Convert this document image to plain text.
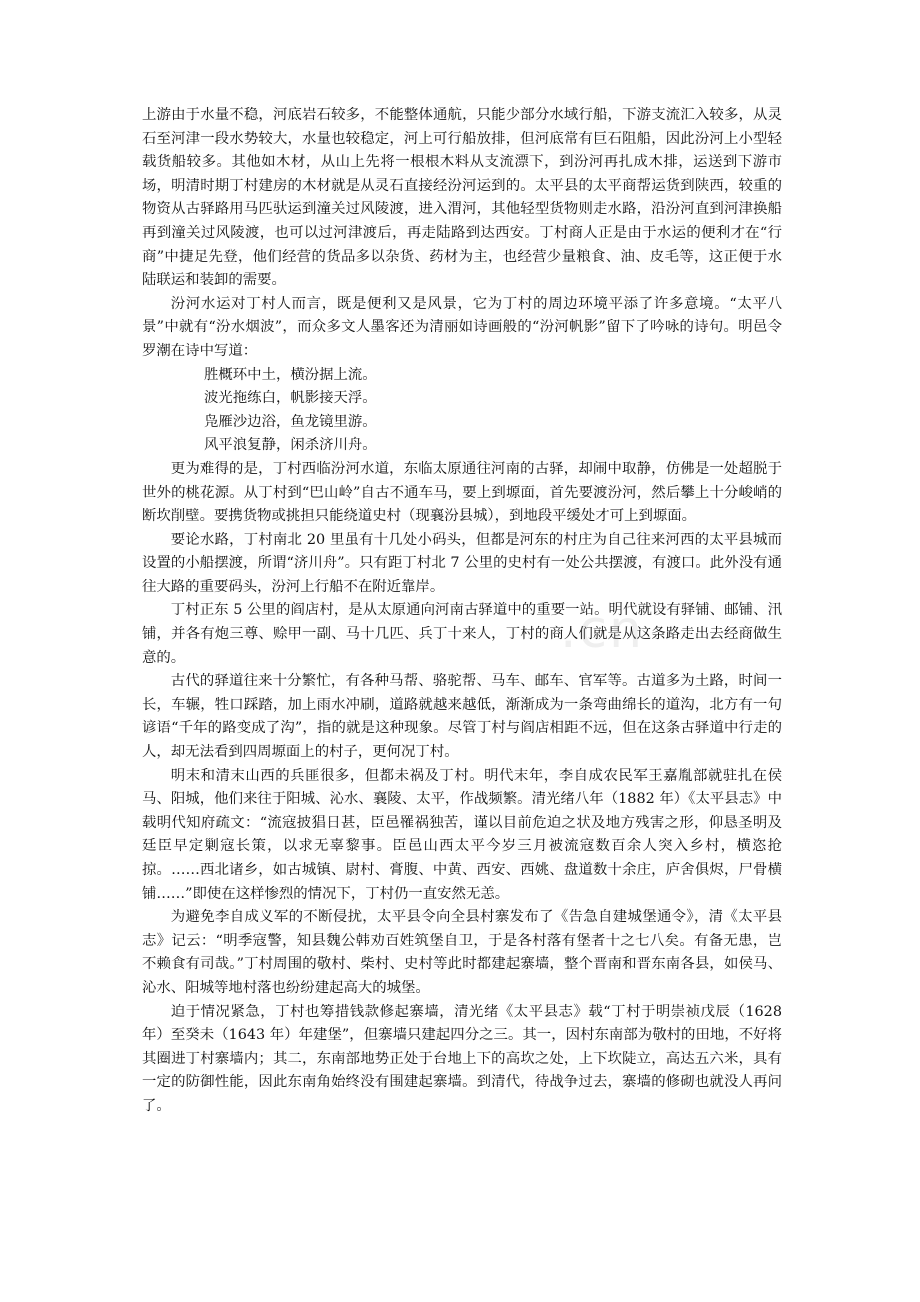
上游由于水量不稳，河底岩石较多，不能整体通航，只能少部分水域行船，下游支流汇入较多，从灵石至河津一段水势较大，水量也较稳定，河上可行船放排，但河底常有巨石阻船，因此汾河上小型轻载货船较多。其他如木材，从山上先将一根根木料从支流漂下，到汾河再扎成木排，运送到下游市场，明清时期丁村建房的木材就是从灵石直接经汾河运到的。太平县的太平商帮运货到陕西，较重的物资从古驿路用马匹驮运到潼关过风陵渡，进入渭河，其他轻型货物则走水路，沿汾河直到河津换船再到潼关过风陵渡，也可以过河津渡后，再走陆路到达西安。丁村商人正是由于水运的便利才在“行商”中捷足先登，他们经营的货品多以杂货、药材为主，也经营少量粮食、油、皮毛等，这正便于水陆联运和装卸的需要。

汾河水运对丁村人而言，既是便利又是风景，它为丁村的周边环境平添了许多意境。“太平八景”中就有“汾水烟波”，而众多文人墨客还为清丽如诗画般的“汾河帆影”留下了吟咏的诗句。明邑令罗潮在诗中写道：

胜概环中土，横汾据上流。

波光拖练白，帆影接天浮。

凫雁沙边浴，鱼龙镜里游。

风平浪复静，闲杀济川舟。

更为难得的是，丁村西临汾河水道，东临太原通往河南的古驿，却闹中取静，仿佛是一处超脱于世外的桃花源。从丁村到“巴山岭”自古不通车马，要上到塬面，首先要渡汾河，然后攀上十分峻峭的断坎削壁。要携货物或挑担只能绕道史村（现襄汾县城），到地段平缓处才可上到塬面。

要论水路，丁村南北 20 里虽有十几处小码头，但都是河东的村庄为自己往来河西的太平县城而设置的小船摆渡，所谓“济川舟”。只有距丁村北 7 公里的史村有一处公共摆渡，有渡口。此外没有通往大路的重要码头，汾河上行船不在附近靠岸。

丁村正东 5 公里的阎店村，是从太原通向河南古驿道中的重要一站。明代就设有驿铺、邮铺、汛铺，并各有炮三尊、赊甲一副、马十几匹、兵丁十来人，丁村的商人们就是从这条路走出去经商做生意的。

古代的驿道往来十分繁忙，有各种马帮、骆驼帮、马车、邮车、官军等。古道多为土路，时间一长，车辗，牲口踩踏，加上雨水冲刷，道路就越来越低，渐渐成为一条弯曲绵长的道沟，北方有一句谚语“千年的路变成了沟”，指的就是这种现象。尽管丁村与阎店相距不远，但在这条古驿道中行走的人，却无法看到四周塬面上的村子，更何况丁村。

明末和清末山西的兵匪很多，但都未祸及丁村。明代末年，李自成农民军王嘉胤部就驻扎在侯马、阳城，他们来往于阳城、沁水、襄陵、太平，作战频繁。清光绪八年（1882 年）《太平县志》中载明代知府疏文：“流寇披猖日甚，臣邑罹祸独苦，谨以目前危迫之状及地方残害之形，仰恳圣明及廷臣早定剿寇长策，以求无辜黎事。臣邑山西太平今岁三月被流寇数百余人突入乡村，横恣抢掠。……西北诸乡，如古城镇、尉村、膏腹、中黄、西安、西姚、盘道数十余庄，庐舍俱烬，尸骨横铺……”即使在这样惨烈的情况下，丁村仍一直安然无恙。

为避免李自成义军的不断侵扰，太平县令向全县村寨发布了《告急自建城堡通令》，清《太平县志》记云：“明季寇警，知县魏公韩劝百姓筑堡自卫，于是各村落有堡者十之七八矣。有备无患，岂不赖食有司哉。”丁村周围的敬村、柴村、史村等此时都建起寨墙，整个晋南和晋东南各县，如侯马、沁水、阳城等地村落也纷纷建起高大的城堡。

迫于情况紧急，丁村也筹措钱款修起寨墙，清光绪《太平县志》载“丁村于明崇祯戊辰（1628 年）至癸未（1643 年）年建堡”，但寨墙只建起四分之三。其一，因村东南部为敬村的田地，不好将其圈进丁村寨墙内；其二，东南部地势正处于台地上下的高坎之处，上下坎陡立，高达五六米，具有一定的防御性能，因此东南角始终没有围建起寨墙。到清代，待战争过去，寨墙的修砌也就没人再问了。

.cn
